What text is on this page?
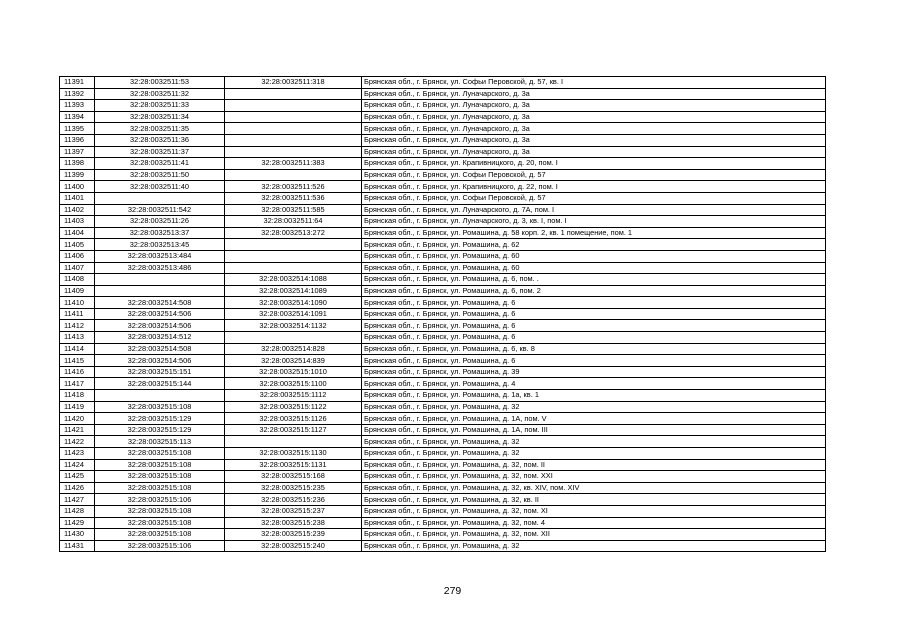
11391	32:28:0032511:53	32:28:0032511:318	Брянская обл., г. Брянск, ул. Софьи Перовской, д. 57, кв. I
11392	32:28:0032511:32		Брянская обл., г. Брянск, ул. Луначарского, д. 3а
11393	32:28:0032511:33		Брянская обл., г. Брянск, ул. Луначарского, д. 3а
11394	32:28:0032511:34		Брянская обл., г. Брянск, ул. Луначарского, д. 3а
11395	32:28:0032511:35		Брянская обл., г. Брянск, ул. Луначарского, д. 3а
11396	32:28:0032511:36		Брянская обл., г. Брянск, ул. Луначарского, д. 3а
11397	32:28:0032511:37		Брянская обл., г. Брянск, ул. Луначарского, д. 3а
11398	32:28:0032511:41	32:28:0032511:383	Брянская обл., г. Брянск, ул. Крапивницкого, д. 20, пом. I
11399	32:28:0032511:50		Брянская обл., г. Брянск, ул. Софьи Перовской, д. 57
11400	32:28:0032511:40	32:28:0032511:526	Брянская обл., г. Брянск, ул. Крапивницкого, д. 22, пом. I
11401		32:28:0032511:536	Брянская обл., г. Брянск, ул. Софьи Перовской, д. 57
11402	32:28:0032511:542	32:28:0032511:585	Брянская обл., г. Брянск, ул. Луначарского, д. 7А, пом. I
11403	32:28:0032511:26	32:28:0032511:64	Брянская обл., г. Брянск, ул. Луначарского, д. 3, кв. I, пом. I
11404	32:28:0032513:37	32:28:0032513:272	Брянская обл., г. Брянск, ул. Ромашина, д. 58 корп. 2, кв. 1 помещение, пом. 1
11405	32:28:0032513:45		Брянская обл., г. Брянск, ул. Ромашина, д. 62
11406	32:28:0032513:484		Брянская обл., г. Брянск, ул. Ромашина, д. 60
11407	32:28:0032513:486		Брянская обл., г. Брянск, ул. Ромашина, д. 60
11408		32:28:0032514:1088	Брянская обл., г. Брянск, ул. Ромашина, д. 6, пом. .
11409		32:28:0032514:1089	Брянская обл., г. Брянск, ул. Ромашина, д. 6, пом. 2
11410	32:28:0032514:508	32:28:0032514:1090	Брянская обл., г. Брянск, ул. Ромашина, д. 6
11411	32:28:0032514:506	32:28:0032514:1091	Брянская обл., г. Брянск, ул. Ромашина, д. 6
11412	32:28:0032514:506	32:28:0032514:1132	Брянская обл., г. Брянск, ул. Ромашина, д. 6
11413	32:28:0032514:512		Брянская обл., г. Брянск, ул. Ромашина, д. 6
11414	32:28:0032514:508	32:28:0032514:828	Брянская обл., г. Брянск, ул. Ромашина, д. 6, кв. 8
11415	32:28:0032514:506	32:28:0032514:839	Брянская обл., г. Брянск, ул. Ромашина, д. 6
11416	32:28:0032515:151	32:28:0032515:1010	Брянская обл., г. Брянск, ул. Ромашина, д. 39
11417	32:28:0032515:144	32:28:0032515:1100	Брянская обл., г. Брянск, ул. Ромашина, д. 4
11418		32:28:0032515:1112	Брянская обл., г. Брянск, ул. Ромашина, д. 1а, кв. 1
11419	32:28:0032515:108	32:28:0032515:1122	Брянская обл., г. Брянск, ул. Ромашина, д. 32
11420	32:28:0032515:129	32:28:0032515:1126	Брянская обл., г. Брянск, ул. Ромашина, д. 1А, пом. V
11421	32:28:0032515:129	32:28:0032515:1127	Брянская обл., г. Брянск, ул. Ромашина, д. 1А, пом. III
11422	32:28:0032515:113		Брянская обл., г. Брянск, ул. Ромашина, д. 32
11423	32:28:0032515:108	32:28:0032515:1130	Брянская обл., г. Брянск, ул. Ромашина, д. 32
11424	32:28:0032515:108	32:28:0032515:1131	Брянская обл., г. Брянск, ул. Ромашина, д. 32, пом. II
11425	32:28:0032515:108	32:28:0032515:168	Брянская обл., г. Брянск, ул. Ромашина, д. 32, пом. XXI
11426	32:28:0032515:108	32:28:0032515:235	Брянская обл., г. Брянск, ул. Ромашина, д. 32, кв. XIV, пом. XIV
11427	32:28:0032515:106	32:28:0032515:236	Брянская обл., г. Брянск, ул. Ромашина, д. 32, кв. II
11428	32:28:0032515:108	32:28:0032515:237	Брянская обл., г. Брянск, ул. Ромашина, д. 32, пом. XI
11429	32:28:0032515:108	32:28:0032515:238	Брянская обл., г. Брянск, ул. Ромашина, д. 32, пом. 4
11430	32:28:0032515:108	32:28:0032515:239	Брянская обл., г. Брянск, ул. Ромашина, д. 32, пом. XII
11431	32:28:0032515:106	32:28:0032515:240	Брянская обл., г. Брянск, ул. Ромашина, д. 32
279
